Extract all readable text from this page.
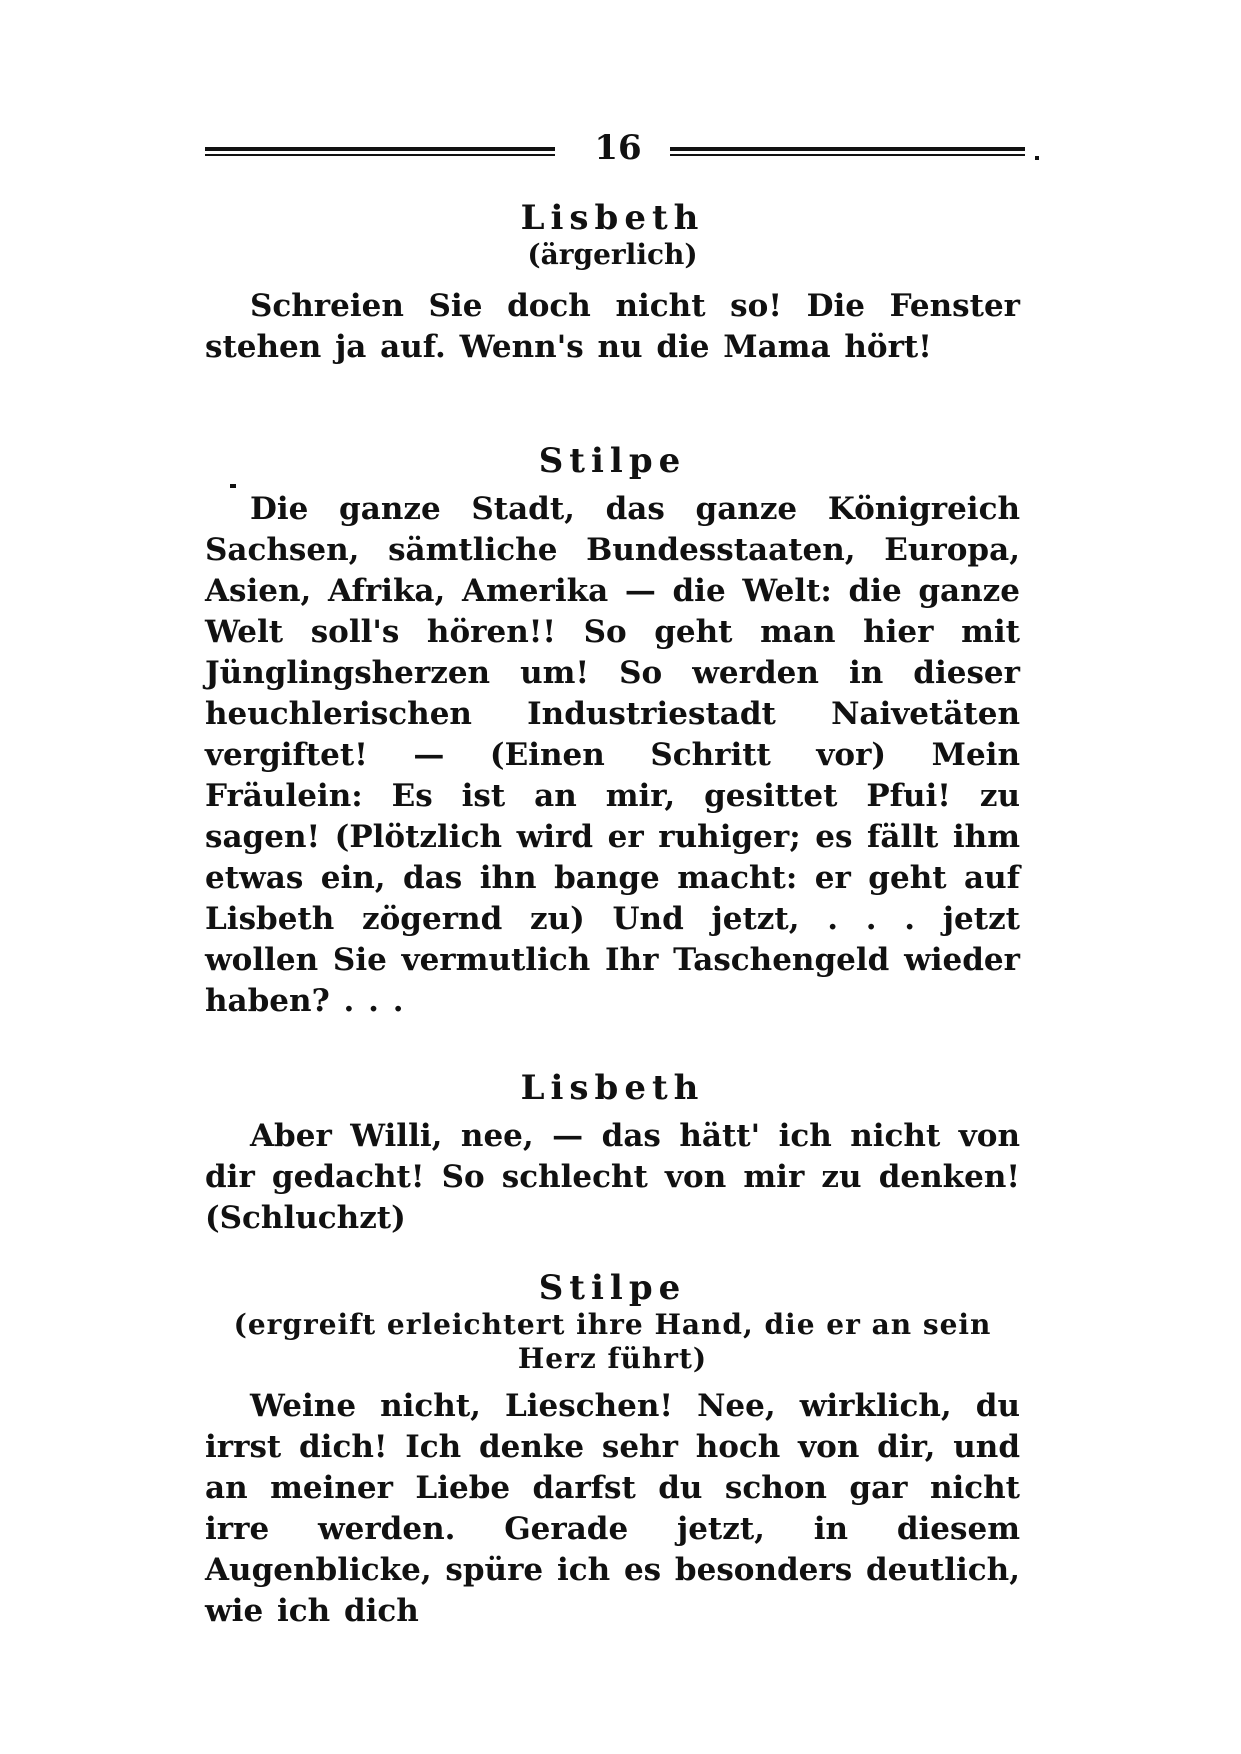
16
Lisbeth
(ärgerlich)
Schreien Sie doch nicht so! Die Fenster stehen ja auf. Wenn's nu die Mama hört!
Stilpe
Die ganze Stadt, das ganze Königreich Sachsen, sämtliche Bundesstaaten, Europa, Asien, Afrika, Amerika — die Welt: die ganze Welt soll's hören!! So geht man hier mit Jünglingsherzen um! So werden in dieser heuchlerischen Industriestadt Naivetäten vergiftet! — (Einen Schritt vor) Mein Fräulein: Es ist an mir, gesittet Pfui! zu sagen! (Plötzlich wird er ruhiger; es fällt ihm etwas ein, das ihn bange macht: er geht auf Lisbeth zögernd zu) Und jetzt, . . . jetzt wollen Sie vermutlich Ihr Taschengeld wieder haben? . . .
Lisbeth
Aber Willi, nee, — das hätt' ich nicht von dir gedacht! So schlecht von mir zu denken! (Schluchzt)
Stilpe
(ergreift erleichtert ihre Hand, die er an sein Herz führt)
Weine nicht, Lieschen! Nee, wirklich, du irrst dich! Ich denke sehr hoch von dir, und an meiner Liebe darfst du schon gar nicht irre werden. Gerade jetzt, in diesem Augenblicke, spüre ich es besonders deutlich, wie ich dich
